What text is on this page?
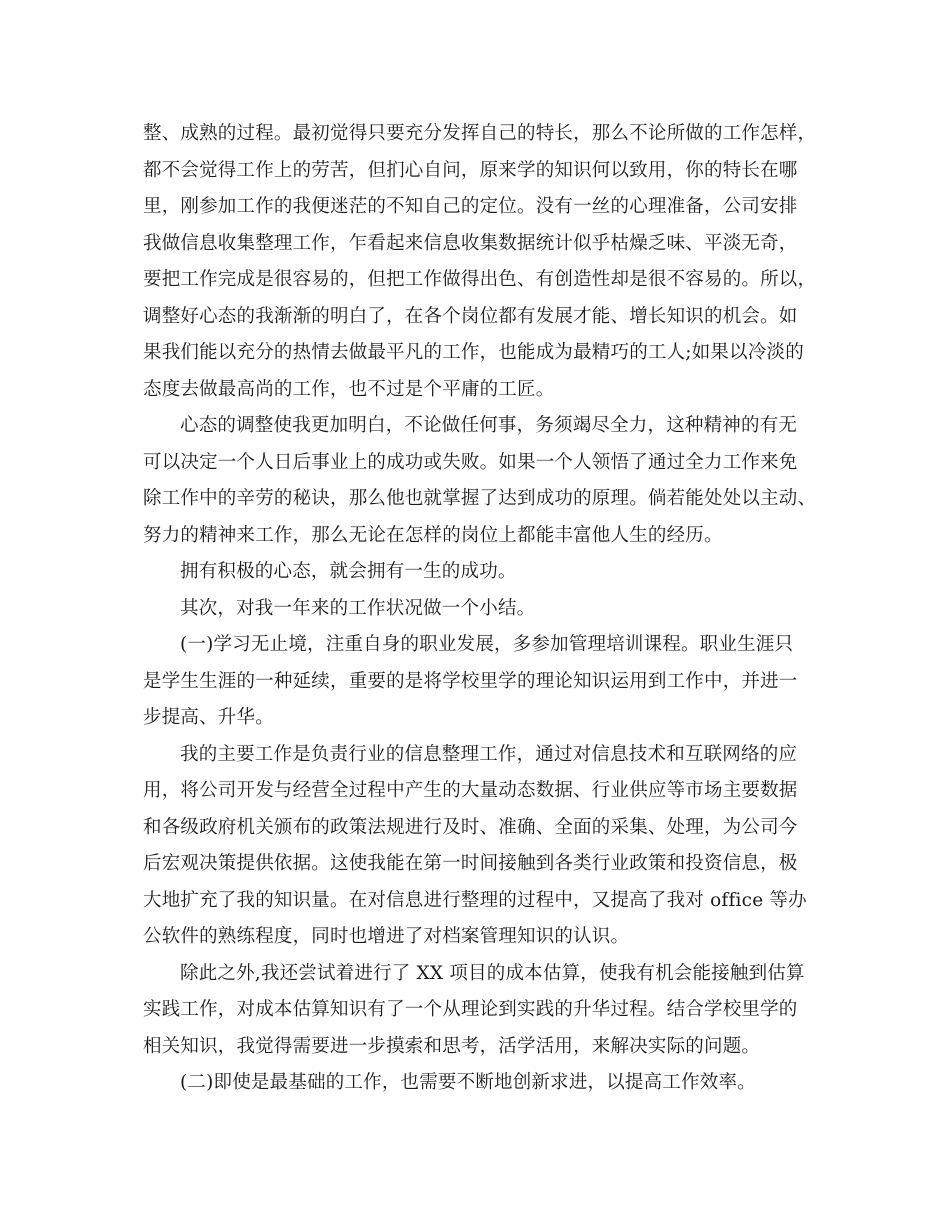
整、成熟的过程。最初觉得只要充分发挥自己的特长，那么不论所做的工作怎样，
都不会觉得工作上的劳苦，但扪心自问，原来学的知识何以致用，你的特长在哪
里，刚参加工作的我便迷茫的不知自己的定位。没有一丝的心理准备，公司安排
我做信息收集整理工作，乍看起来信息收集数据统计似乎枯燥乏味、平淡无奇，
要把工作完成是很容易的，但把工作做得出色、有创造性却是很不容易的。所以，
调整好心态的我渐渐的明白了，在各个岗位都有发展才能、增长知识的机会。如
果我们能以充分的热情去做最平凡的工作，也能成为最精巧的工人;如果以冷淡的
态度去做最高尚的工作，也不过是个平庸的工匠。
心态的调整使我更加明白，不论做任何事，务须竭尽全力，这种精神的有无
可以决定一个人日后事业上的成功或失败。如果一个人领悟了通过全力工作来免
除工作中的辛劳的秘诀，那么他也就掌握了达到成功的原理。倘若能处处以主动、
努力的精神来工作，那么无论在怎样的岗位上都能丰富他人生的经历。
拥有积极的心态，就会拥有一生的成功。
其次，对我一年来的工作状况做一个小结。
(一)学习无止境，注重自身的职业发展，多参加管理培训课程。职业生涯只
是学生生涯的一种延续，重要的是将学校里学的理论知识运用到工作中，并进一
步提高、升华。
我的主要工作是负责行业的信息整理工作，通过对信息技术和互联网络的应
用，将公司开发与经营全过程中产生的大量动态数据、行业供应等市场主要数据
和各级政府机关颁布的政策法规进行及时、准确、全面的采集、处理，为公司今
后宏观决策提供依据。这使我能在第一时间接触到各类行业政策和投资信息，极
大地扩充了我的知识量。在对信息进行整理的过程中，又提高了我对 office 等办
公软件的熟练程度，同时也增进了对档案管理知识的认识。
除此之外,我还尝试着进行了 XX 项目的成本估算，使我有机会能接触到估算
实践工作，对成本估算知识有了一个从理论到实践的升华过程。结合学校里学的
相关知识，我觉得需要进一步摸索和思考，活学活用，来解决实际的问题。
(二)即使是最基础的工作，也需要不断地创新求进，以提高工作效率。
